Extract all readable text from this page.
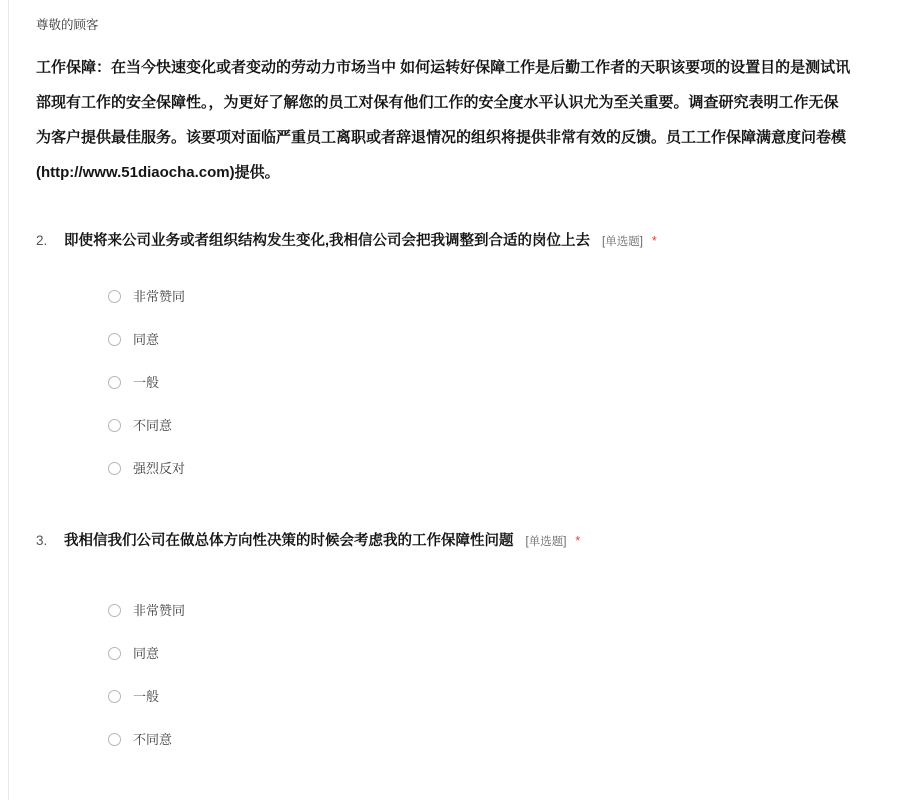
尊敬的顾客
工作保障：在当今快速变化或者变动的劳动力市场当中 如何运转好保障工作是后勤工作者的天职该要项的设置目的是测试讯
部现有工作的安全保障性。，为更好了解您的员工对保有他们工作的安全度水平认识尤为至关重要。调查研究表明工作无保
为客户提供最佳服务。该要项对面临严重员工离职或者辞退情况的组织将提供非常有效的反馈。员工工作保障满意度问卷模
(http://www.51diaocha.com)提供。
2.	即使将来公司业务或者组织结构发生变化,我相信公司会把我调整到合适的岗位上去 [单选题] *
非常赞同
同意
一般
不同意
强烈反对
3.	我相信我们公司在做总体方向性决策的时候会考虑我的工作保障性问题 [单选题] *
非常赞同
同意
一般
不同意
